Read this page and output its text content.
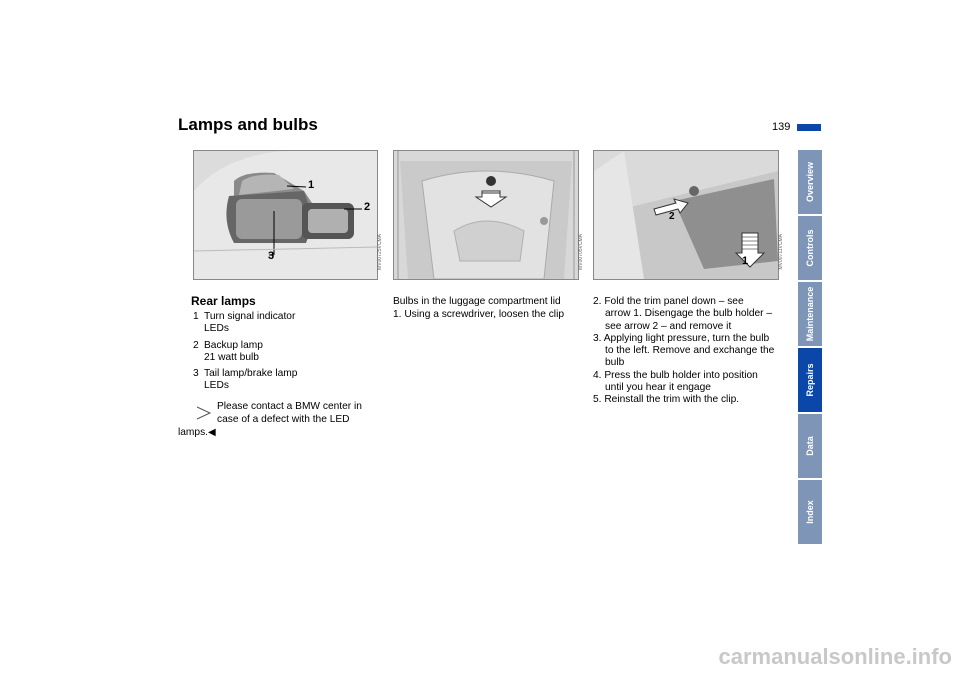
Lamps and bulbs	139
1
2
3	MV00725VCMA	MV00705VCMA	1
2
MV00711VCMA
Rear lamps
1 Turn signal indicator
LEDs
2 Backup lamp
21 watt bulb
3 Tail lamp/brake lamp
LEDs
Please contact a BMW center in
case of a defect with the LED
lamps.◀
Bulbs in the luggage compartment lid
1. Using a screwdriver, loosen the clip
2. Fold the trim panel down – see
arrow 1. Disengage the bulb holder –
see arrow 2 – and remove it
3. Applying light pressure, turn the bulb
to the left. Remove and exchange the
bulb
4. Press the bulb holder into position
until you hear it engage
5. Reinstall the trim with the clip.
Overview
Controls
Maintenance
Repairs
Data
Index
carmanualsonline.info
